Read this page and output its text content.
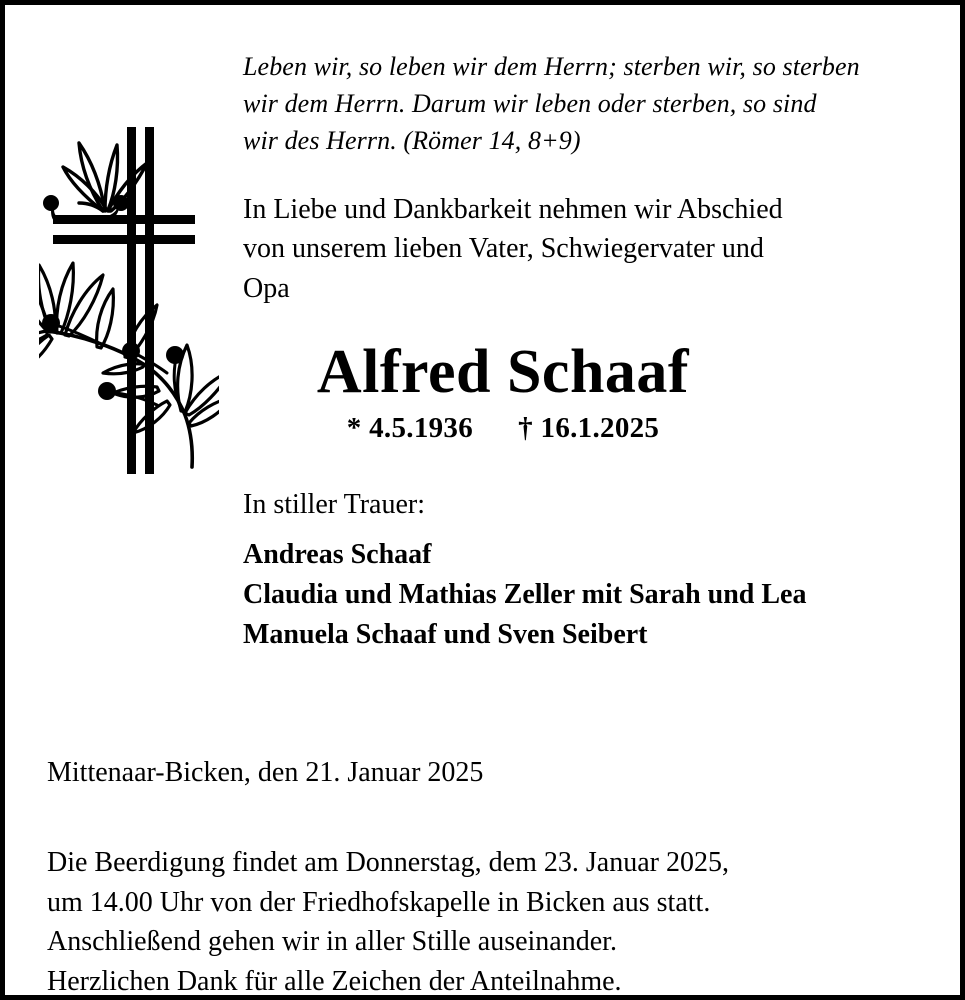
Leben wir, so leben wir dem Herrn; sterben wir, so sterben
wir dem Herrn. Darum wir leben oder sterben, so sind
wir des Herrn. (Römer 14, 8+9)
In Liebe und Dankbarkeit nehmen wir Abschied
von unserem lieben Vater, Schwiegervater und
Opa
Alfred Schaaf
* 4.5.1936 † 16.1.2025
In stiller Trauer:
Andreas Schaaf
Claudia und Mathias Zeller mit Sarah und Lea
Manuela Schaaf und Sven Seibert
Mittenaar-Bicken, den 21. Januar 2025
Die Beerdigung findet am Donnerstag, dem 23. Januar 2025,
um 14.00 Uhr von der Friedhofskapelle in Bicken aus statt.
Anschließend gehen wir in aller Stille auseinander.
Herzlichen Dank für alle Zeichen der Anteilnahme.
